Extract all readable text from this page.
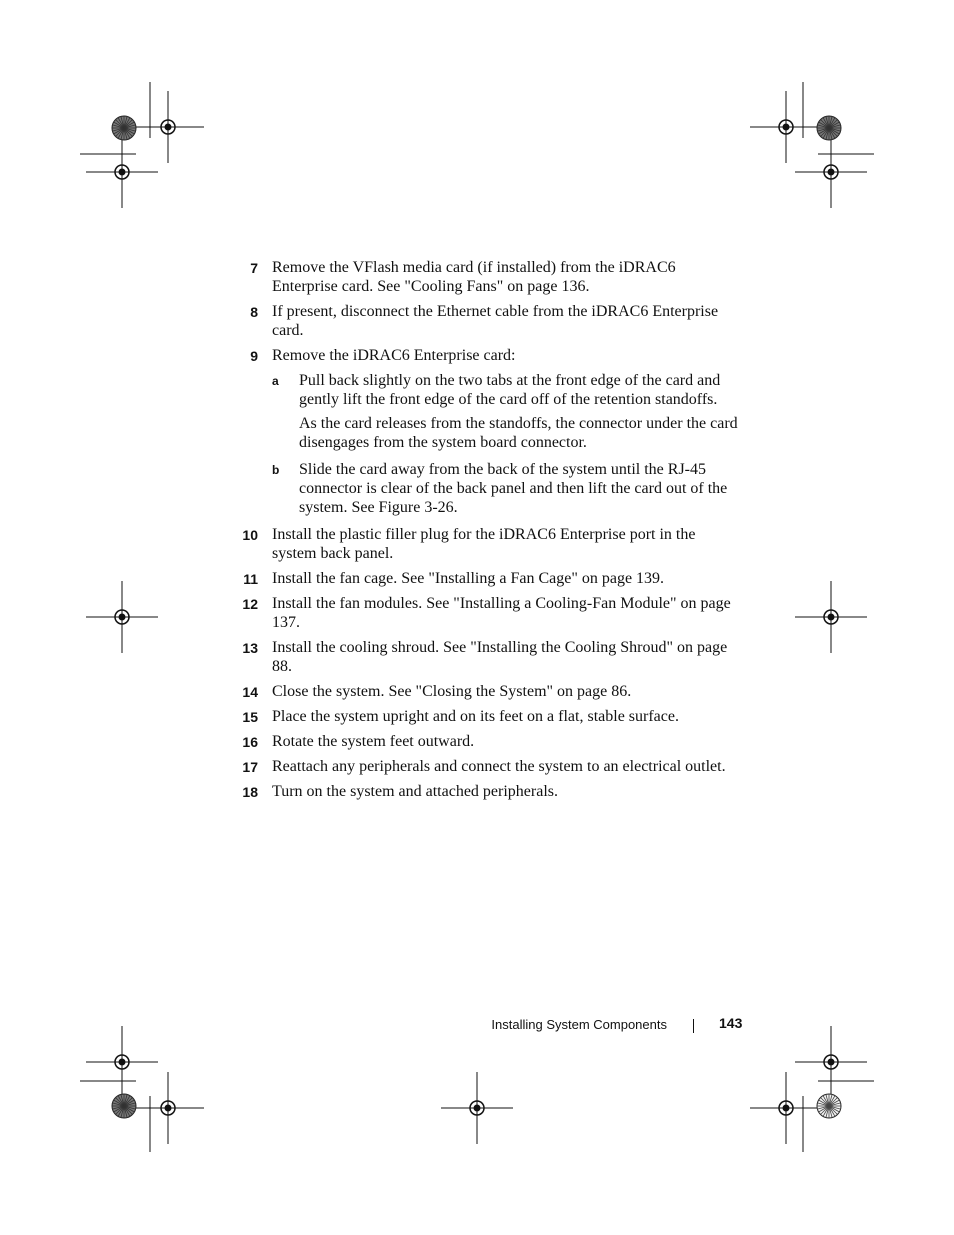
7 Remove the VFlash media card (if installed) from the iDRAC6 Enterprise card. See "Cooling Fans" on page 136.
8 If present, disconnect the Ethernet cable from the iDRAC6 Enterprise card.
9 Remove the iDRAC6 Enterprise card:
a Pull back slightly on the two tabs at the front edge of the card and gently lift the front edge of the card off of the retention standoffs.
As the card releases from the standoffs, the connector under the card disengages from the system board connector.
b Slide the card away from the back of the system until the RJ-45 connector is clear of the back panel and then lift the card out of the system. See Figure 3-26.
10 Install the plastic filler plug for the iDRAC6 Enterprise port in the system back panel.
11 Install the fan cage. See "Installing a Fan Cage" on page 139.
12 Install the fan modules. See "Installing a Cooling-Fan Module" on page 137.
13 Install the cooling shroud. See "Installing the Cooling Shroud" on page 88.
14 Close the system. See "Closing the System" on page 86.
15 Place the system upright and on its feet on a flat, stable surface.
16 Rotate the system feet outward.
17 Reattach any peripherals and connect the system to an electrical outlet.
18 Turn on the system and attached peripherals.
Installing System Components	143
